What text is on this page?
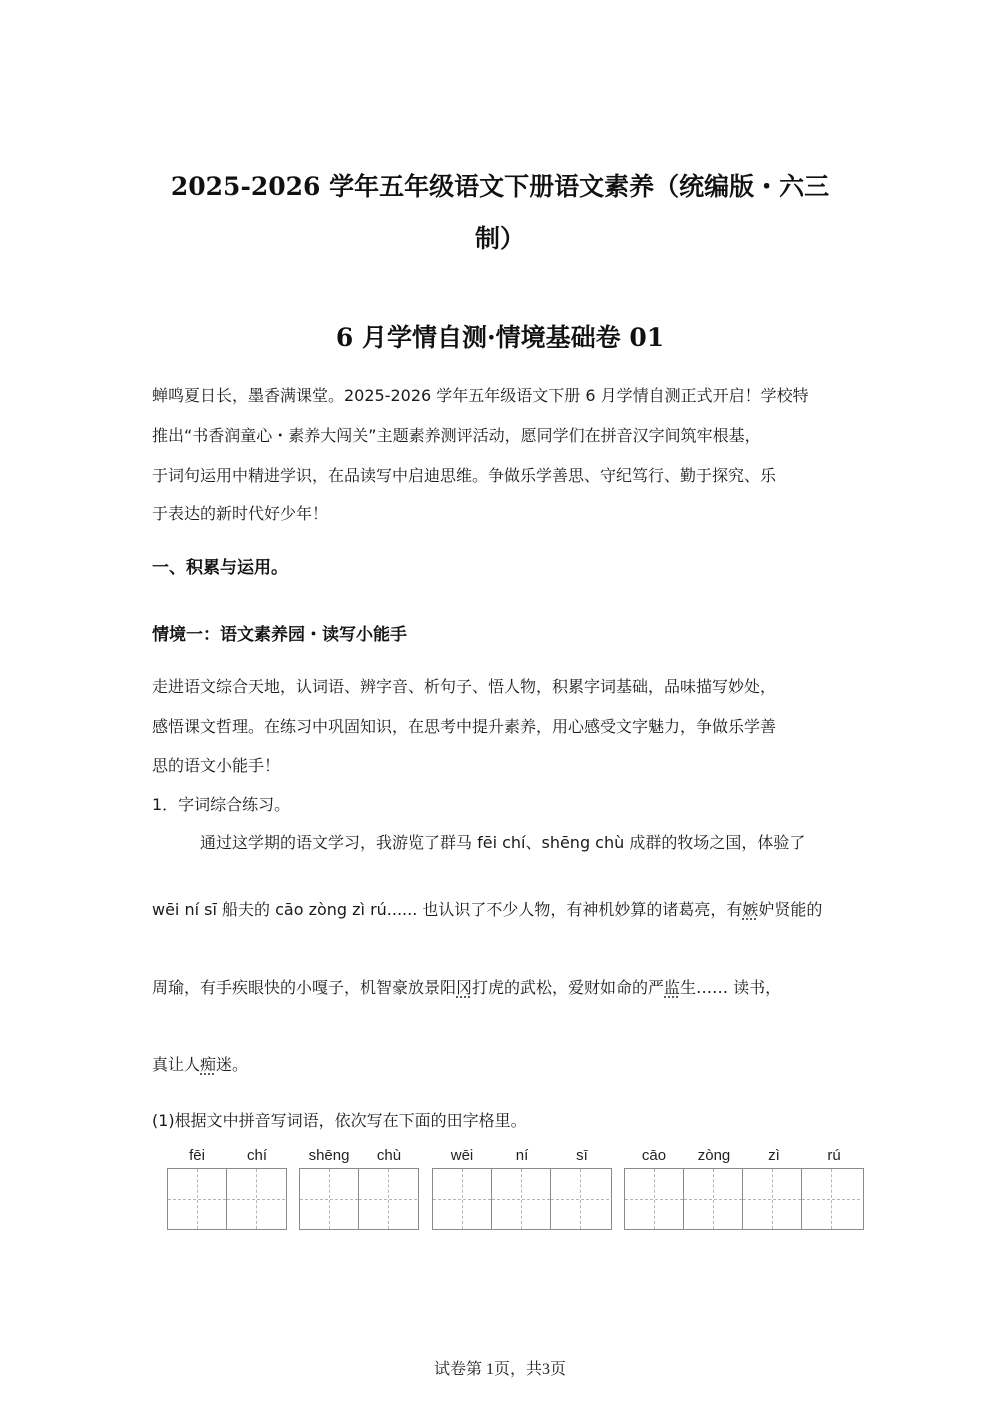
2025-2026 学年五年级语文下册语文素养（统编版・六三
制）
6 月学情自测·情境基础卷 01
蝉鸣夏日长，墨香满课堂。2025-2026 学年五年级语文下册 6 月学情自测正式开启！学校特
推出“书香润童心・素养大闯关”主题素养测评活动，愿同学们在拼音汉字间筑牢根基，
于词句运用中精进学识，在品读写中启迪思维。争做乐学善思、守纪笃行、勤于探究、乐
于表达的新时代好少年！
一、积累与运用。
情境一：语文素养园・读写小能手
走进语文综合天地，认词语、辨字音、析句子、悟人物，积累字词基础，品味描写妙处，
感悟课文哲理。在练习中巩固知识，在思考中提升素养，用心感受文字魅力，争做乐学善
思的语文小能手！
1．字词综合练习。
通过这学期的语文学习，我游览了群马 fēi chí、shēng chù 成群的牧场之国，体验了
wēi ní sī 船夫的 cāo zòng zì rú...... 也认识了不少人物，有神机妙算的诸葛亮，有嫉妒贤能的
周瑜，有手疾眼快的小嘎子，机智豪放景阳冈打虎的武松，爱财如命的严监生…… 读书，
真让人痴迷。
(1)根据文中拼音写词语，依次写在下面的田字格里。
fēi	chí	shēng	chù	wēi	ní	sī	cāo	zòng	zì	rú
试卷第 1页，共3页
